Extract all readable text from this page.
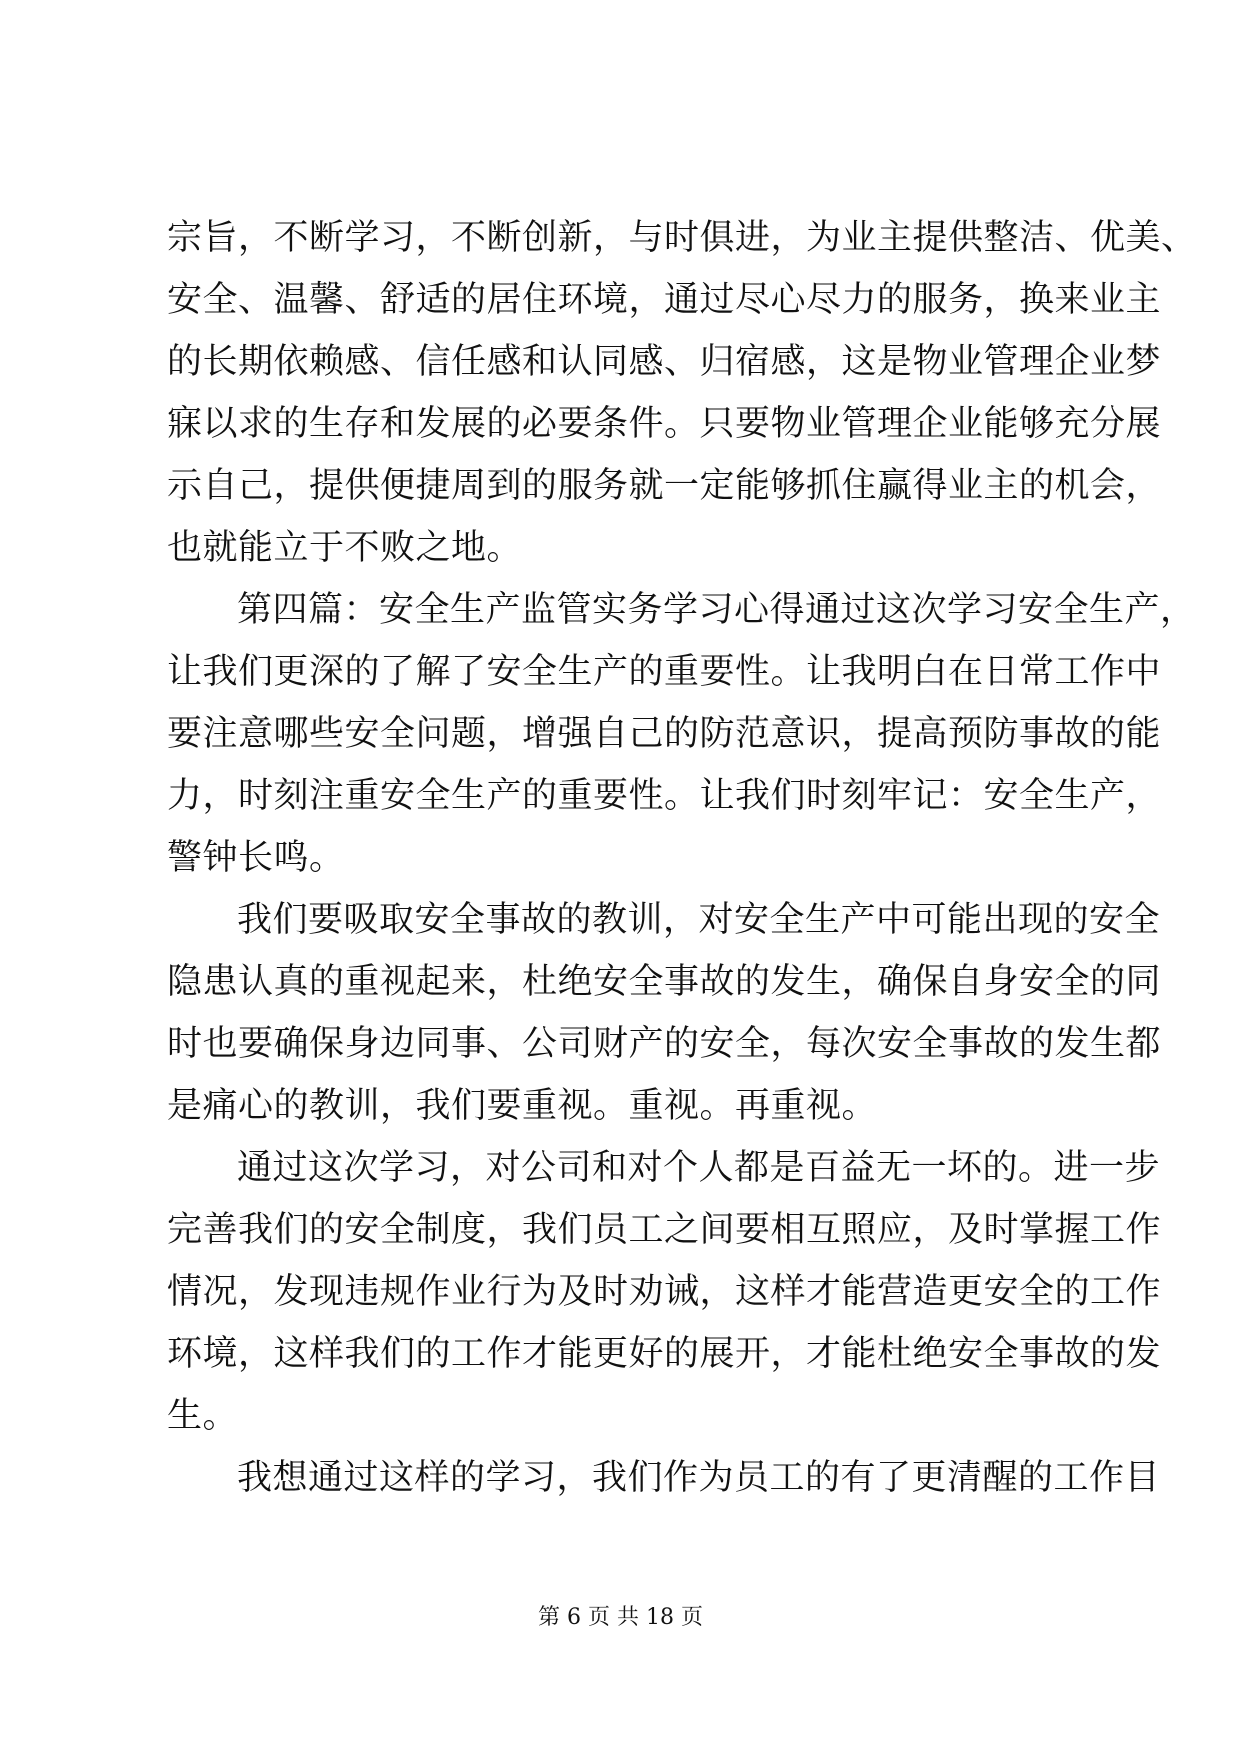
宗旨，不断学习，不断创新，与时俱进，为业主提供整洁、优美、
安全、温馨、舒适的居住环境，通过尽心尽力的服务，换来业主
的长期依赖感、信任感和认同感、归宿感，这是物业管理企业梦
寐以求的生存和发展的必要条件。只要物业管理企业能够充分展
示自己，提供便捷周到的服务就一定能够抓住赢得业主的机会，
也就能立于不败之地。
第四篇：安全生产监管实务学习心得通过这次学习安全生产，
让我们更深的了解了安全生产的重要性。让我明白在日常工作中
要注意哪些安全问题，增强自己的防范意识，提高预防事故的能
力，时刻注重安全生产的重要性。让我们时刻牢记：安全生产，
警钟长鸣。
我们要吸取安全事故的教训，对安全生产中可能出现的安全
隐患认真的重视起来，杜绝安全事故的发生，确保自身安全的同
时也要确保身边同事、公司财产的安全，每次安全事故的发生都
是痛心的教训，我们要重视。重视。再重视。
通过这次学习，对公司和对个人都是百益无一坏的。进一步
完善我们的安全制度，我们员工之间要相互照应，及时掌握工作
情况，发现违规作业行为及时劝诫，这样才能营造更安全的工作
环境，这样我们的工作才能更好的展开，才能杜绝安全事故的发
生。
我想通过这样的学习，我们作为员工的有了更清醒的工作目
第 6 页 共 18 页
